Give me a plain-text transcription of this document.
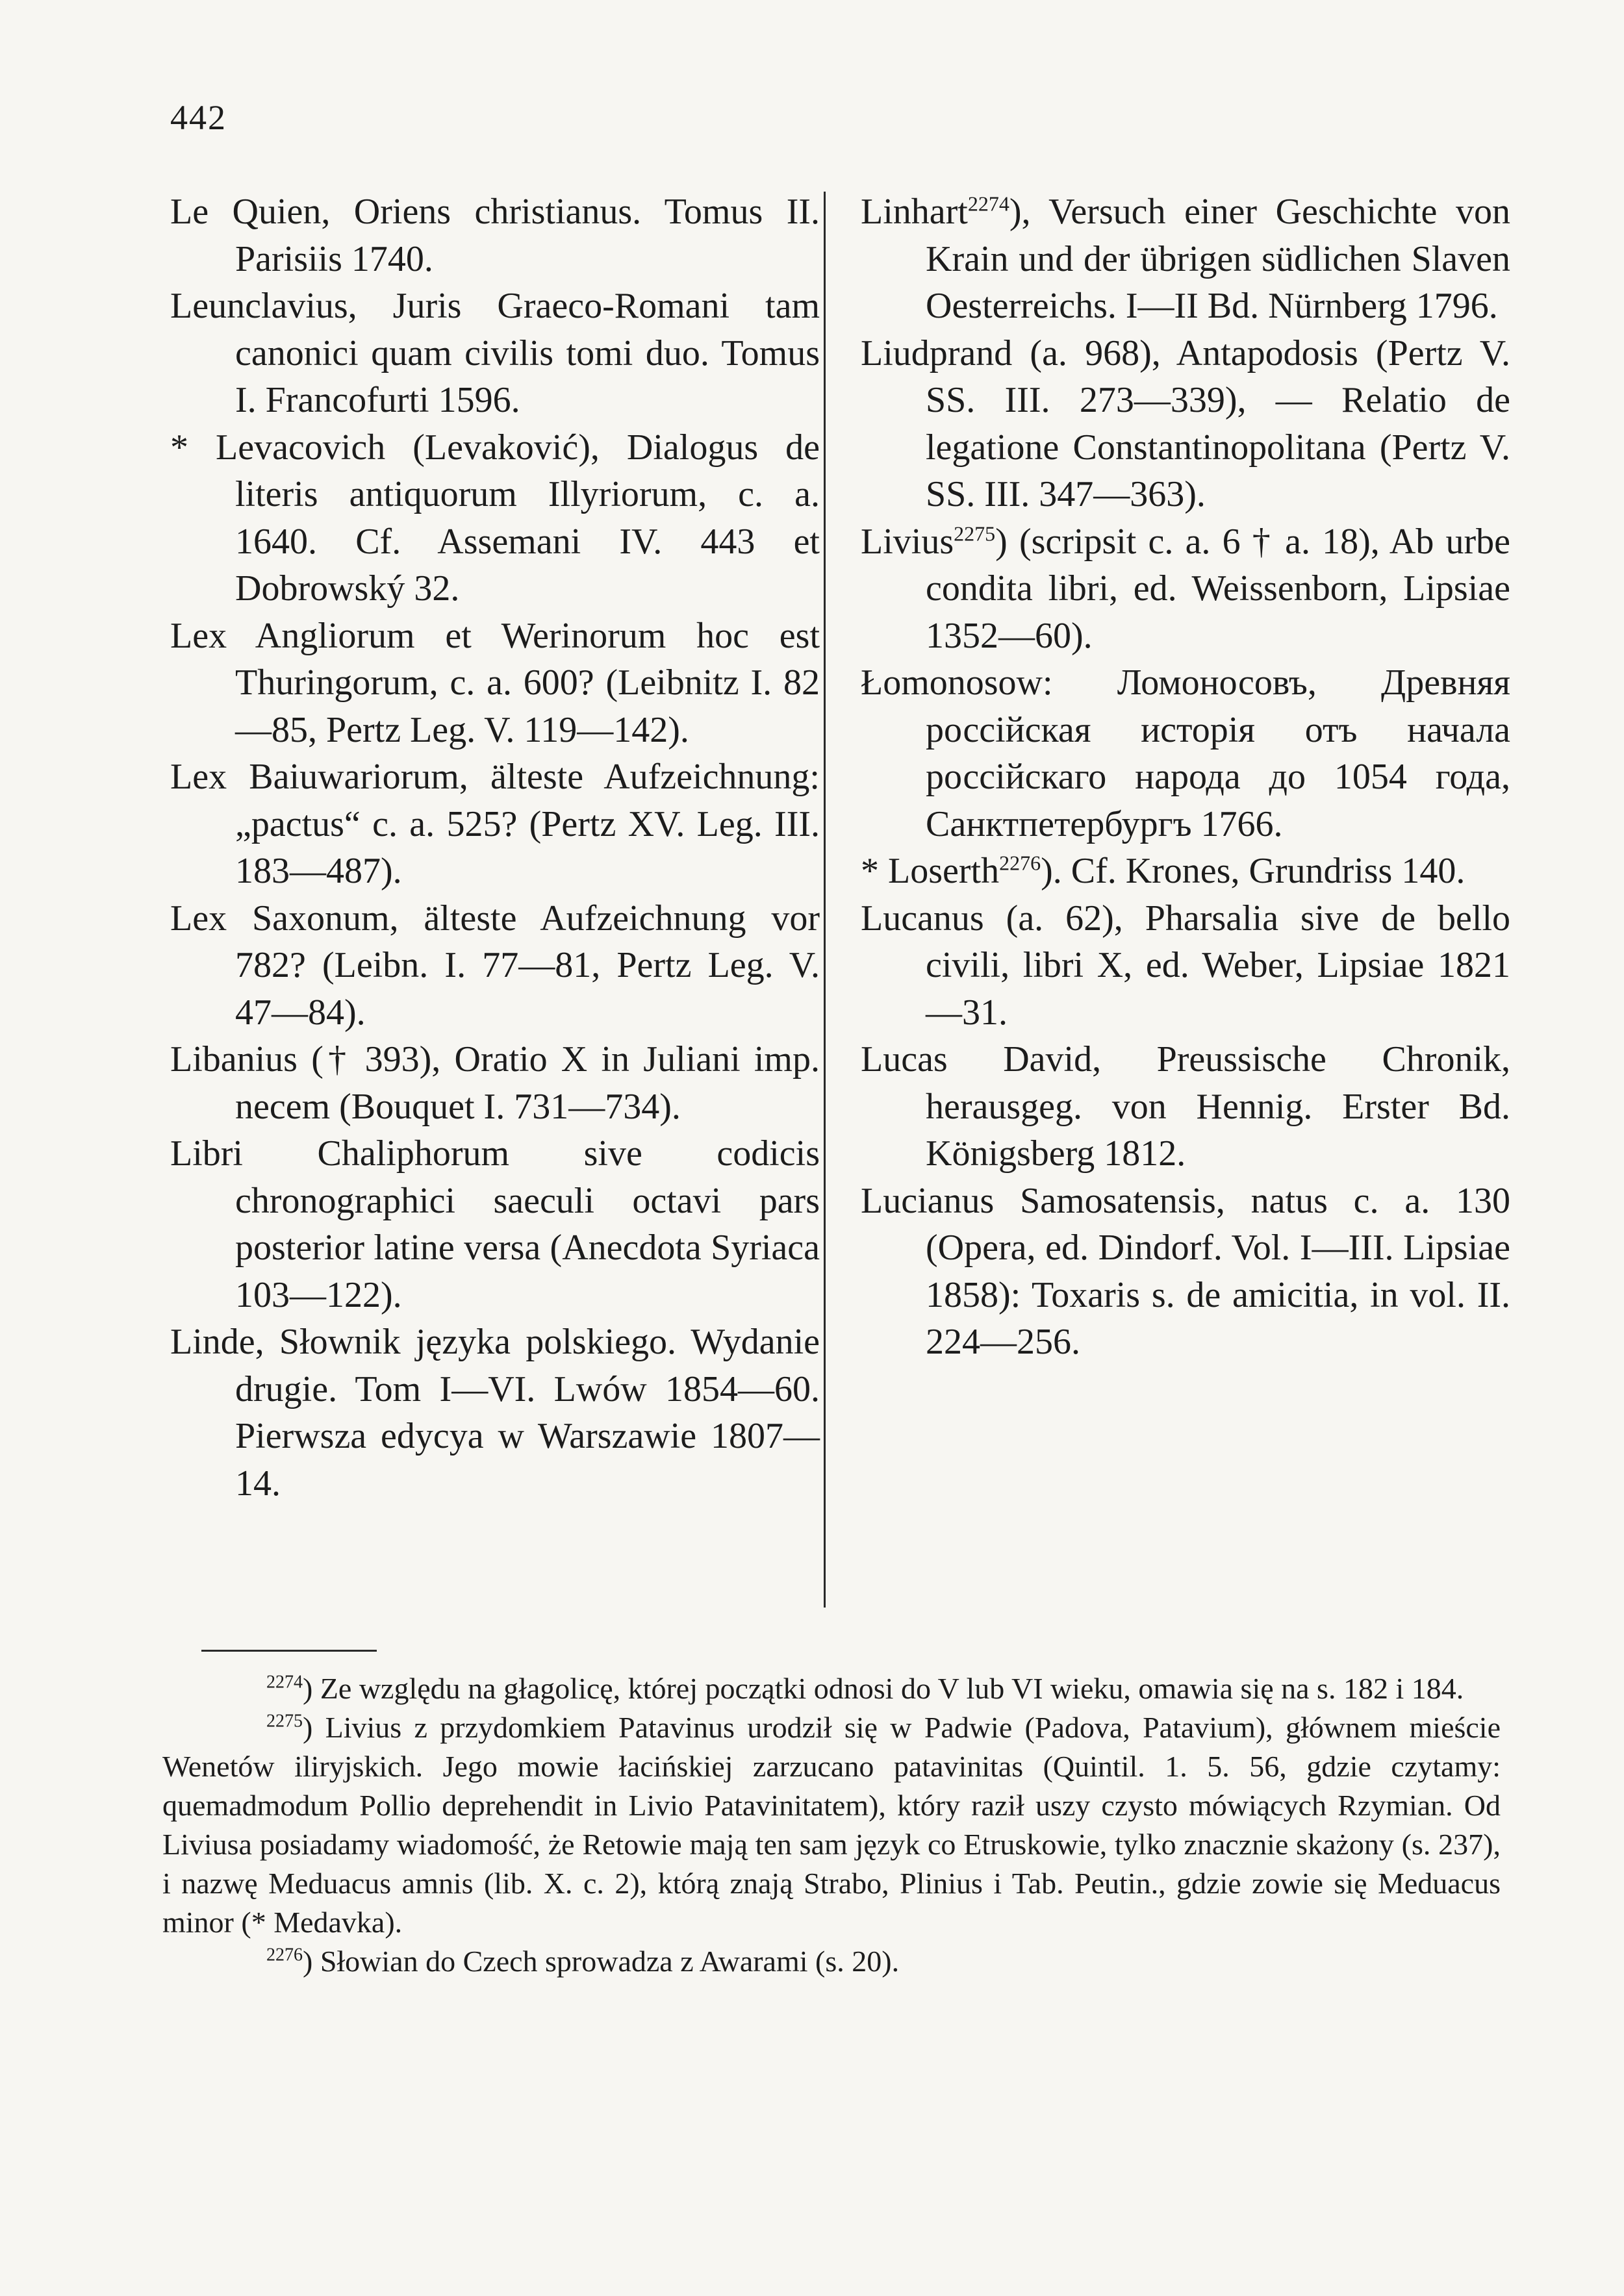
442

Le Quien, Oriens christianus. Tomus II. Parisiis 1740.

Leunclavius, Juris Graeco-Romani tam canonici quam civilis tomi duo. Tomus I. Francofurti 1596.

* Levacovich (Levaković), Dialogus de literis antiquorum Illyriorum, c. a. 1640. Cf. Assemani IV. 443 et Dobrowský 32.

Lex Angliorum et Werinorum hoc est Thuringorum, c. a. 600? (Leibnitz I. 82—85, Pertz Leg. V. 119—142).

Lex Baiuwariorum, älteste Aufzeichnung: „pactus“ c. a. 525? (Pertz XV. Leg. III. 183—487).

Lex Saxonum, älteste Aufzeichnung vor 782? (Leibn. I. 77—81, Pertz Leg. V. 47—84).

Libanius († 393), Oratio X in Juliani imp. necem (Bouquet I. 731—734).

Libri Chaliphorum sive codicis chronographici saeculi octavi pars posterior latine versa (Anecdota Syriaca 103—122).

Linde, Słownik języka polskiego. Wydanie drugie. Tom I—VI. Lwów 1854—60. Pierwsza edycya w Warszawie 1807—14.

Linhart$^{2274}$), Versuch einer Geschichte von Krain und der übrigen südlichen Slaven Oesterreichs. I—II Bd. Nürnberg 1796.

Liudprand (a. 968), Antapodosis (Pertz V. SS. III. 273—339), — Relatio de legatione Constantinopolitana (Pertz V. SS. III. 347—363).

Livius$^{2275}$) (scripsit c. a. 6 † a. 18), Ab urbe condita libri, ed. Weissenborn, Lipsiae 1352—60).

Łomonosow: Ломоносовъ, Древняя россійская исторія отъ начала россійскаго народа до 1054 года, Санктпетербургъ 1766.

* Loserth$^{2276}$). Cf. Krones, Grundriss 140.

Lucanus (a. 62), Pharsalia sive de bello civili, libri X, ed. Weber, Lipsiae 1821—31.

Lucas David, Preussische Chronik, herausgeg. von Hennig. Erster Bd. Königsberg 1812.

Lucianus Samosatensis, natus c. a. 130 (Opera, ed. Dindorf. Vol. I—III. Lipsiae 1858): Toxaris s. de amicitia, in vol. II. 224—256.

$^{2274}$) Ze względu na głagolicę, której początki odnosi do V lub VI wieku, omawia się na s. 182 i 184.

$^{2275}$) Livius z przydomkiem Patavinus urodził się w Padwie (Padova, Patavium), głównem mieście Wenetów iliryjskich. Jego mowie łacińskiej zarzucano patavinitas (Quintil. 1. 5. 56, gdzie czytamy: quemadmodum Pollio deprehendit in Livio Patavinitatem), który raził uszy czysto mówiących Rzymian. Od Liviusa posiadamy wiadomość, że Retowie mają ten sam język co Etruskowie, tylko znacznie skażony (s. 237), i nazwę Meduacus amnis (lib. X. c. 2), którą znają Strabo, Plinius i Tab. Peutin., gdzie zowie się Meduacus minor (* Medavka).

$^{2276}$) Słowian do Czech sprowadza z Awarami (s. 20).
